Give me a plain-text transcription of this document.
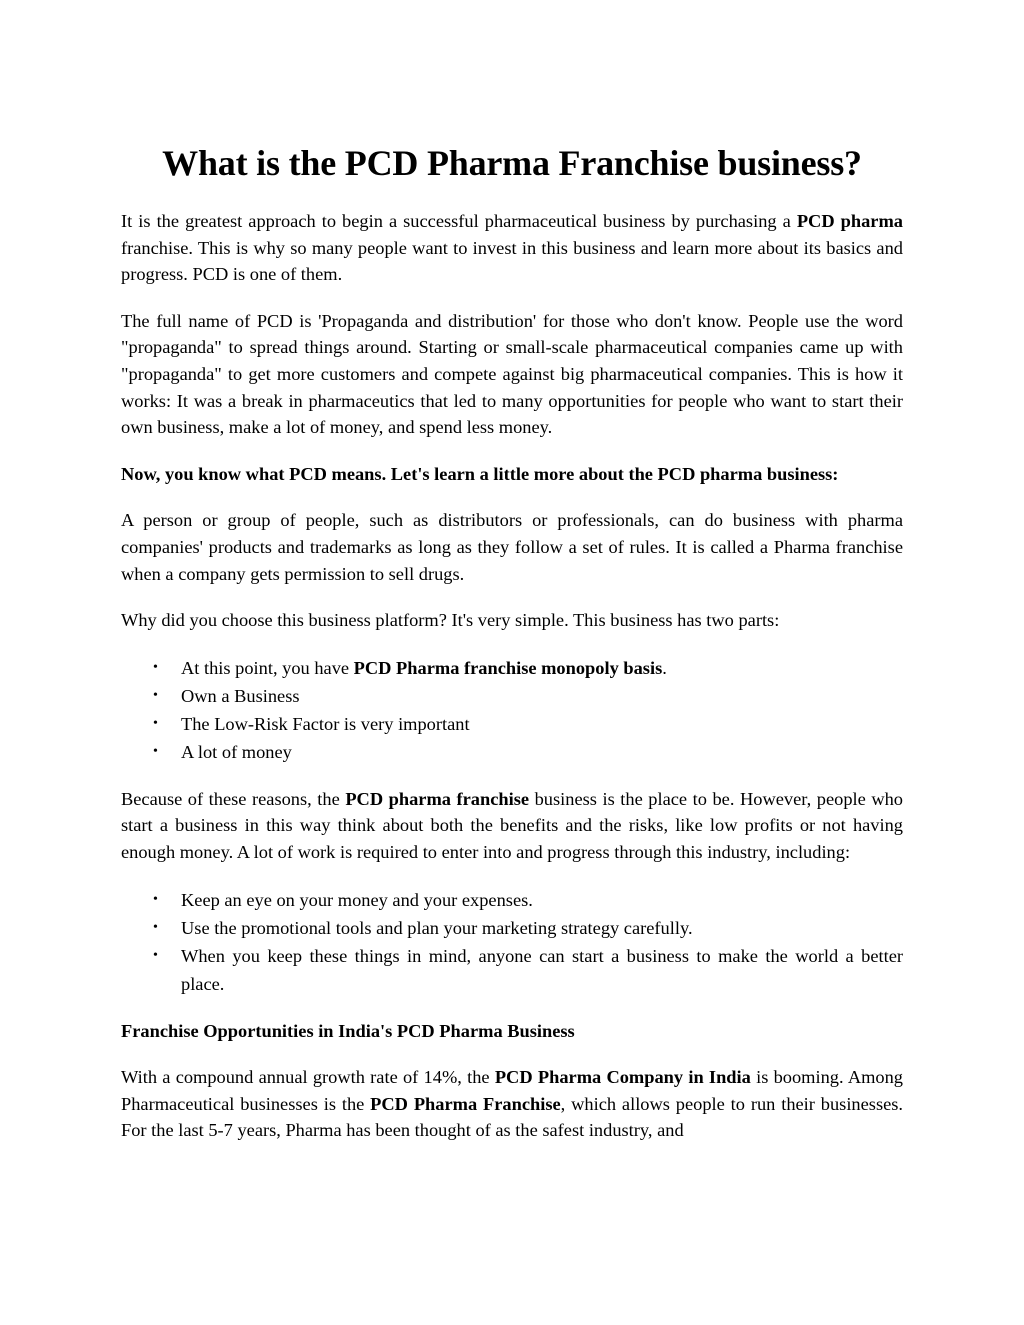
What is the PCD Pharma Franchise business?

It is the greatest approach to begin a successful pharmaceutical business by purchasing a PCD pharma franchise. This is why so many people want to invest in this business and learn more about its basics and progress. PCD is one of them.

The full name of PCD is 'Propaganda and distribution' for those who don't know. People use the word "propaganda" to spread things around. Starting or small-scale pharmaceutical companies came up with "propaganda" to get more customers and compete against big pharmaceutical companies. This is how it works: It was a break in pharmaceutics that led to many opportunities for people who want to start their own business, make a lot of money, and spend less money.

Now, you know what PCD means. Let's learn a little more about the PCD pharma business:

A person or group of people, such as distributors or professionals, can do business with pharma companies' products and trademarks as long as they follow a set of rules. It is called a Pharma franchise when a company gets permission to sell drugs.

Why did you choose this business platform? It's very simple. This business has two parts:

• At this point, you have PCD Pharma franchise monopoly basis.
• Own a Business
• The Low-Risk Factor is very important
• A lot of money

Because of these reasons, the PCD pharma franchise business is the place to be. However, people who start a business in this way think about both the benefits and the risks, like low profits or not having enough money. A lot of work is required to enter into and progress through this industry, including:

• Keep an eye on your money and your expenses.
• Use the promotional tools and plan your marketing strategy carefully.
• When you keep these things in mind, anyone can start a business to make the world a better place.

Franchise Opportunities in India's PCD Pharma Business

With a compound annual growth rate of 14%, the PCD Pharma Company in India is booming. Among Pharmaceutical businesses is the PCD Pharma Franchise, which allows people to run their businesses. For the last 5-7 years, Pharma has been thought of as the safest industry, and
